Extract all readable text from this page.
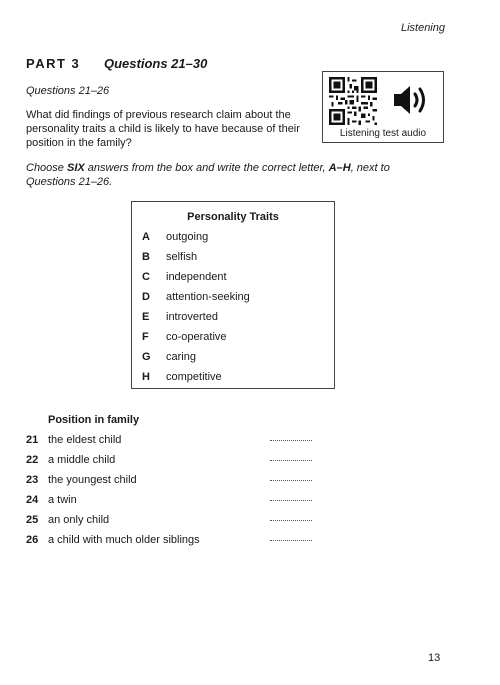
Listening
PART 3 Questions 21–30
Questions 21–26
What did findings of previous research claim about the personality traits a child is likely to have because of their position in the family?
Choose SIX answers from the box and write the correct letter, A–H, next to Questions 21–26.
Listening test audio
Personality Traits
A	outgoing
B	selfish
C	independent
D	attention-seeking
E	introverted
F	co-operative
G	caring
H	competitive
Position in family
21 the eldest child
22 a middle child
23 the youngest child
24 a twin
25 an only child
26 a child with much older siblings
13
